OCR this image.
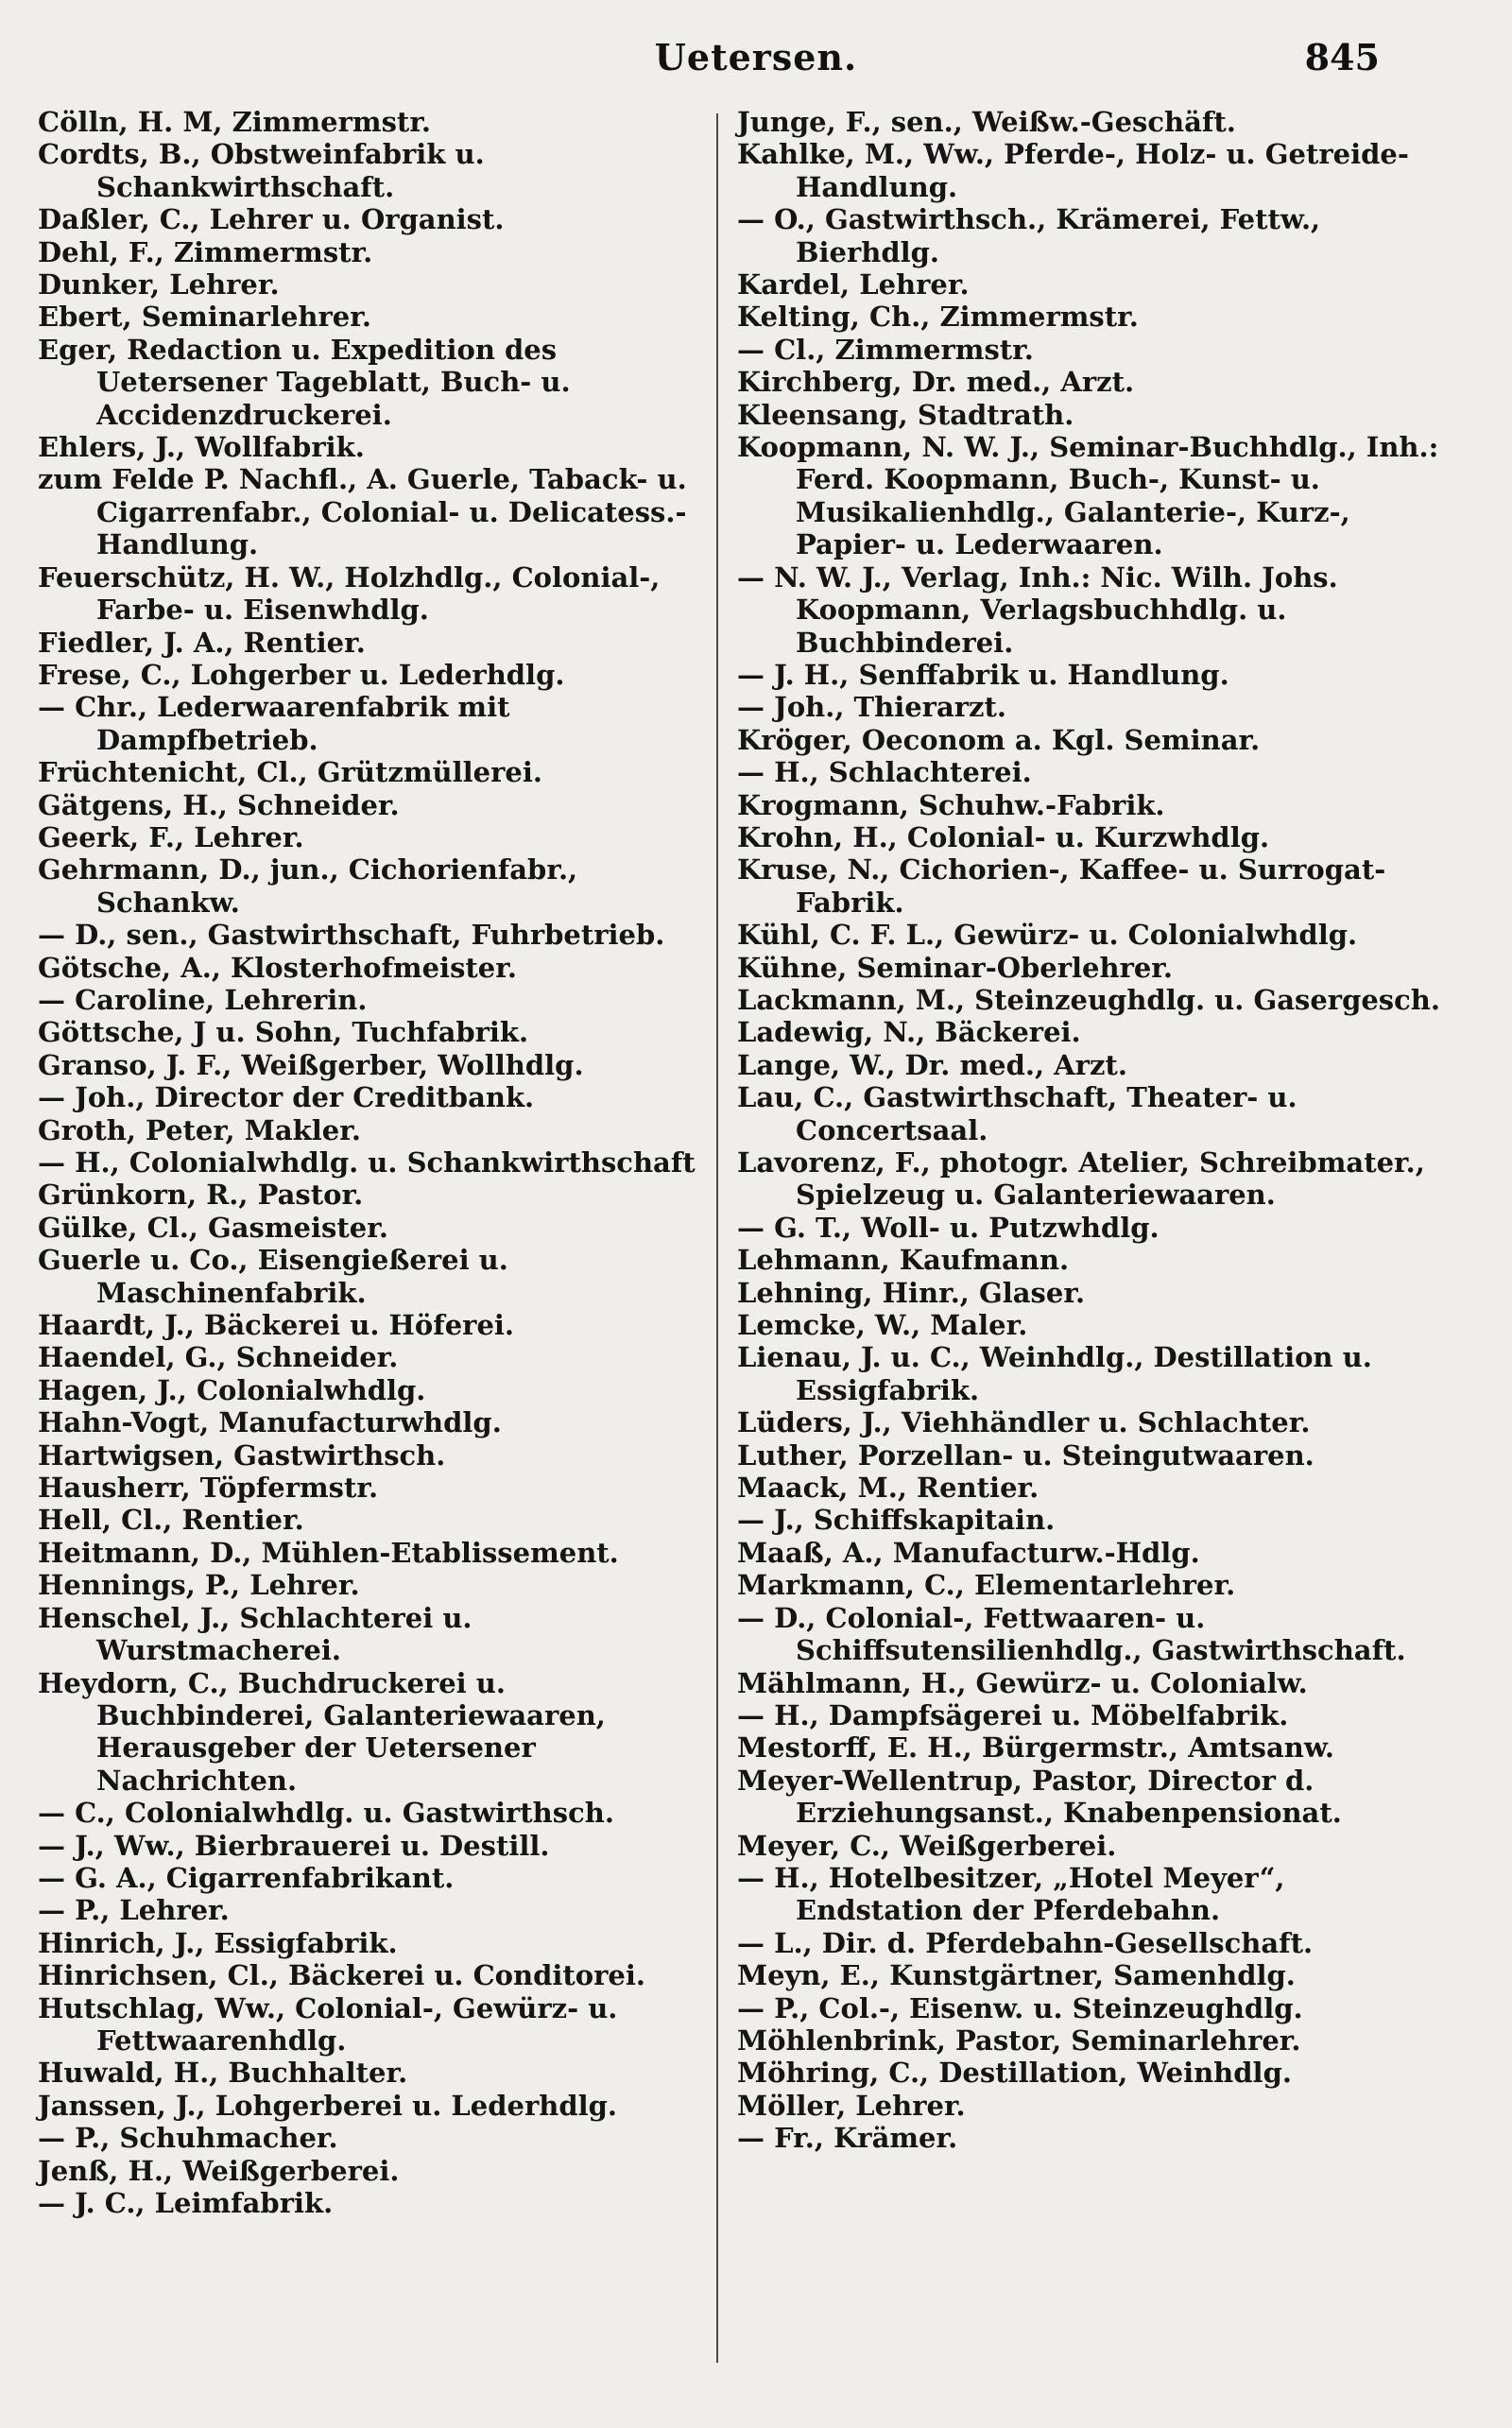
Uetersen.	845
Cölln, H. M, Zimmermstr.
Cordts, B., Obstweinfabrik u. Schankwirthschaft.
Daßler, C., Lehrer u. Organist.
Dehl, F., Zimmermstr.
Dunker, Lehrer.
Ebert, Seminarlehrer.
Eger, Redaction u. Expedition des Uetersener Tageblatt, Buch- u. Accidenzdruckerei.
Ehlers, J., Wollfabrik.
zum Felde P. Nachfl., A. Guerle, Taback- u. Cigarrenfabr., Colonial- u. Delicatess.-Handlung.
Feuerschütz, H. W., Holzhdlg., Colonial-, Farbe- u. Eisenwhdlg.
Fiedler, J. A., Rentier.
Frese, C., Lohgerber u. Lederhdlg.
— Chr., Lederwaarenfabrik mit Dampfbetrieb.
Früchtenicht, Cl., Grützmüllerei.
Gätgens, H., Schneider.
Geerk, F., Lehrer.
Gehrmann, D., jun., Cichorienfabr., Schankw.
— D., sen., Gastwirthschaft, Fuhrbetrieb.
Götsche, A., Klosterhofmeister.
— Caroline, Lehrerin.
Göttsche, J u. Sohn, Tuchfabrik.
Granso, J. F., Weißgerber, Wollhdlg.
— Joh., Director der Creditbank.
Groth, Peter, Makler.
— H., Colonialwhdlg. u. Schankwirthschaft
Grünkorn, R., Pastor.
Gülke, Cl., Gasmeister.
Guerle u. Co., Eisengießerei u. Maschinenfabrik.
Haardt, J., Bäckerei u. Höferei.
Haendel, G., Schneider.
Hagen, J., Colonialwhdlg.
Hahn-Vogt, Manufacturwhdlg.
Hartwigsen, Gastwirthsch.
Hausherr, Töpfermstr.
Hell, Cl., Rentier.
Heitmann, D., Mühlen-Etablissement.
Hennings, P., Lehrer.
Henschel, J., Schlachterei u. Wurstmacherei.
Heydorn, C., Buchdruckerei u. Buchbinderei, Galanteriewaaren, Herausgeber der Uetersener Nachrichten.
— C., Colonialwhdlg. u. Gastwirthsch.
— J., Ww., Bierbrauerei u. Destill.
— G. A., Cigarrenfabrikant.
— P., Lehrer.
Hinrich, J., Essigfabrik.
Hinrichsen, Cl., Bäckerei u. Conditorei.
Hutschlag, Ww., Colonial-, Gewürz- u. Fettwaarenhdlg.
Huwald, H., Buchhalter.
Janssen, J., Lohgerberei u. Lederhdlg.
— P., Schuhmacher.
Jenß, H., Weißgerberei.
— J. C., Leimfabrik.
Junge, F., sen., Weißw.-Geschäft.
Kahlke, M., Ww., Pferde-, Holz- u. Getreide-Handlung.
— O., Gastwirthsch., Krämerei, Fettw., Bierhdlg.
Kardel, Lehrer.
Kelting, Ch., Zimmermstr.
— Cl., Zimmermstr.
Kirchberg, Dr. med., Arzt.
Kleensang, Stadtrath.
Koopmann, N. W. J., Seminar-Buchhdlg., Inh.: Ferd. Koopmann, Buch-, Kunst- u. Musikalienhdlg., Galanterie-, Kurz-, Papier- u. Lederwaaren.
— N. W. J., Verlag, Inh.: Nic. Wilh. Johs. Koopmann, Verlagsbuchhdlg. u. Buchbinderei.
— J. H., Senffabrik u. Handlung.
— Joh., Thierarzt.
Kröger, Oeconom a. Kgl. Seminar.
— H., Schlachterei.
Krogmann, Schuhw.-Fabrik.
Krohn, H., Colonial- u. Kurzwhdlg.
Kruse, N., Cichorien-, Kaffee- u. Surrogat-Fabrik.
Kühl, C. F. L., Gewürz- u. Colonialwhdlg.
Kühne, Seminar-Oberlehrer.
Lackmann, M., Steinzeughdlg. u. Gasergesch.
Ladewig, N., Bäckerei.
Lange, W., Dr. med., Arzt.
Lau, C., Gastwirthschaft, Theater- u. Concertsaal.
Lavorenz, F., photogr. Atelier, Schreibmater., Spielzeug u. Galanteriewaaren.
— G. T., Woll- u. Putzwhdlg.
Lehmann, Kaufmann.
Lehning, Hinr., Glaser.
Lemcke, W., Maler.
Lienau, J. u. C., Weinhdlg., Destillation u. Essigfabrik.
Lüders, J., Viehhändler u. Schlachter.
Luther, Porzellan- u. Steingutwaaren.
Maack, M., Rentier.
— J., Schiffskapitain.
Maaß, A., Manufacturw.-Hdlg.
Markmann, C., Elementarlehrer.
— D., Colonial-, Fettwaaren- u. Schiffsutensilienhdlg., Gastwirthschaft.
Mählmann, H., Gewürz- u. Colonialw.
— H., Dampfsägerei u. Möbelfabrik.
Mestorff, E. H., Bürgermstr., Amtsanw.
Meyer-Wellentrup, Pastor, Director d. Erziehungsanst., Knabenpensionat.
Meyer, C., Weißgerberei.
— H., Hotelbesitzer, „Hotel Meyer“, Endstation der Pferdebahn.
— L., Dir. d. Pferdebahn-Gesellschaft.
Meyn, E., Kunstgärtner, Samenhdlg.
— P., Col.-, Eisenw. u. Steinzeughdlg.
Möhlenbrink, Pastor, Seminarlehrer.
Möhring, C., Destillation, Weinhdlg.
Möller, Lehrer.
— Fr., Krämer.
